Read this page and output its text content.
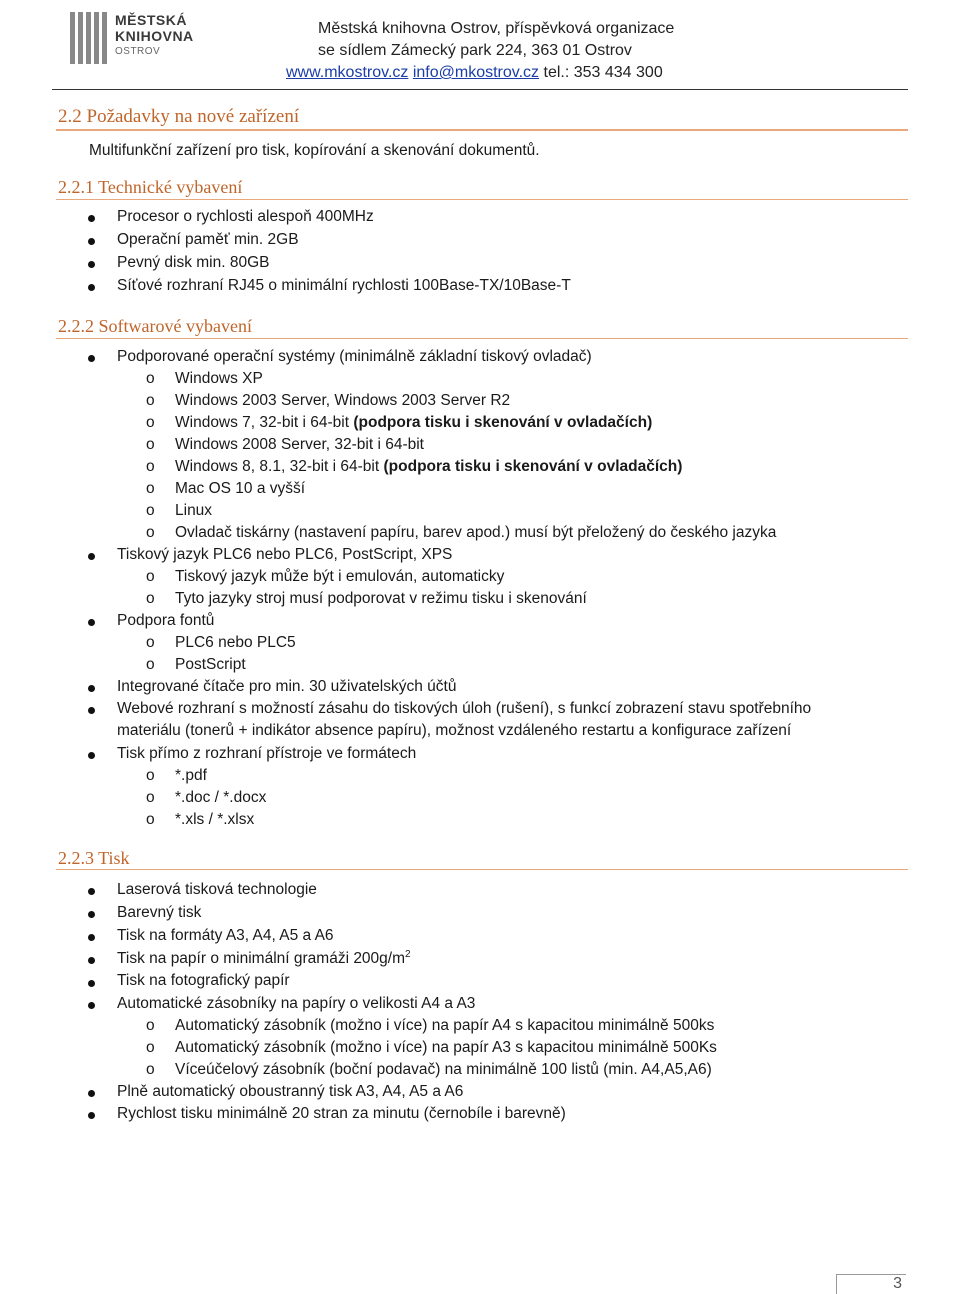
MĚSTSKÁ
KNIHOVNA
OSTROV
Městská knihovna Ostrov, příspěvková organizace
se sídlem Zámecký park 224, 363 01 Ostrov
www.mkostrov.cz info@mkostrov.cz tel.: 353 434 300
2.2 Požadavky na nové zařízení
Multifunkční zařízení pro tisk, kopírování a skenování dokumentů.
2.2.1 Technické vybavení
Procesor o rychlosti alespoň 400MHz
Operační paměť min. 2GB
Pevný disk min. 80GB
Síťové rozhraní RJ45 o minimální rychlosti 100Base-TX/10Base-T
2.2.2 Softwarové vybavení
Podporované operační systémy (minimálně základní tiskový ovladač)
o Windows XP
o Windows 2003 Server, Windows 2003 Server R2
o Windows 7, 32-bit i 64-bit (podpora tisku i skenování v ovladačích)
o Windows 2008 Server, 32-bit i 64-bit
o Windows 8, 8.1, 32-bit i 64-bit (podpora tisku i skenování v ovladačích)
o Mac OS 10 a vyšší
o Linux
o Ovladač tiskárny (nastavení papíru, barev apod.) musí být přeložený do českého jazyka
Tiskový jazyk PLC6 nebo PLC6, PostScript, XPS
o Tiskový jazyk může být i emulován, automaticky
o Tyto jazyky stroj musí podporovat v režimu tisku i skenování
Podpora fontů
o PLC6 nebo PLC5
o PostScript
Integrované čítače pro min. 30 uživatelských účtů
Webové rozhraní s možností zásahu do tiskových úloh (rušení), s funkcí zobrazení stavu spotřebního
materiálu (tonerů + indikátor absence papíru), možnost vzdáleného restartu a konfigurace zařízení
Tisk přímo z rozhraní přístroje ve formátech
o *.pdf
o *.doc / *.docx
o *.xls / *.xlsx
2.2.3 Tisk
Laserová tisková technologie
Barevný tisk
Tisk na formáty A3, A4, A5 a A6
Tisk na papír o minimální gramáži $200g/m^2$
Tisk na fotografický papír
Automatické zásobníky na papíry o velikosti A4 a A3
o Automatický zásobník (možno i více) na papír A4 s kapacitou minimálně 500ks
o Automatický zásobník (možno i více) na papír A3 s kapacitou minimálně 500Ks
o Víceúčelový zásobník (boční podavač) na minimálně 100 listů (min. A4,A5,A6)
Plně automatický oboustranný tisk A3, A4, A5 a A6
Rychlost tisku minimálně 20 stran za minutu (černobíle i barevně)
3
